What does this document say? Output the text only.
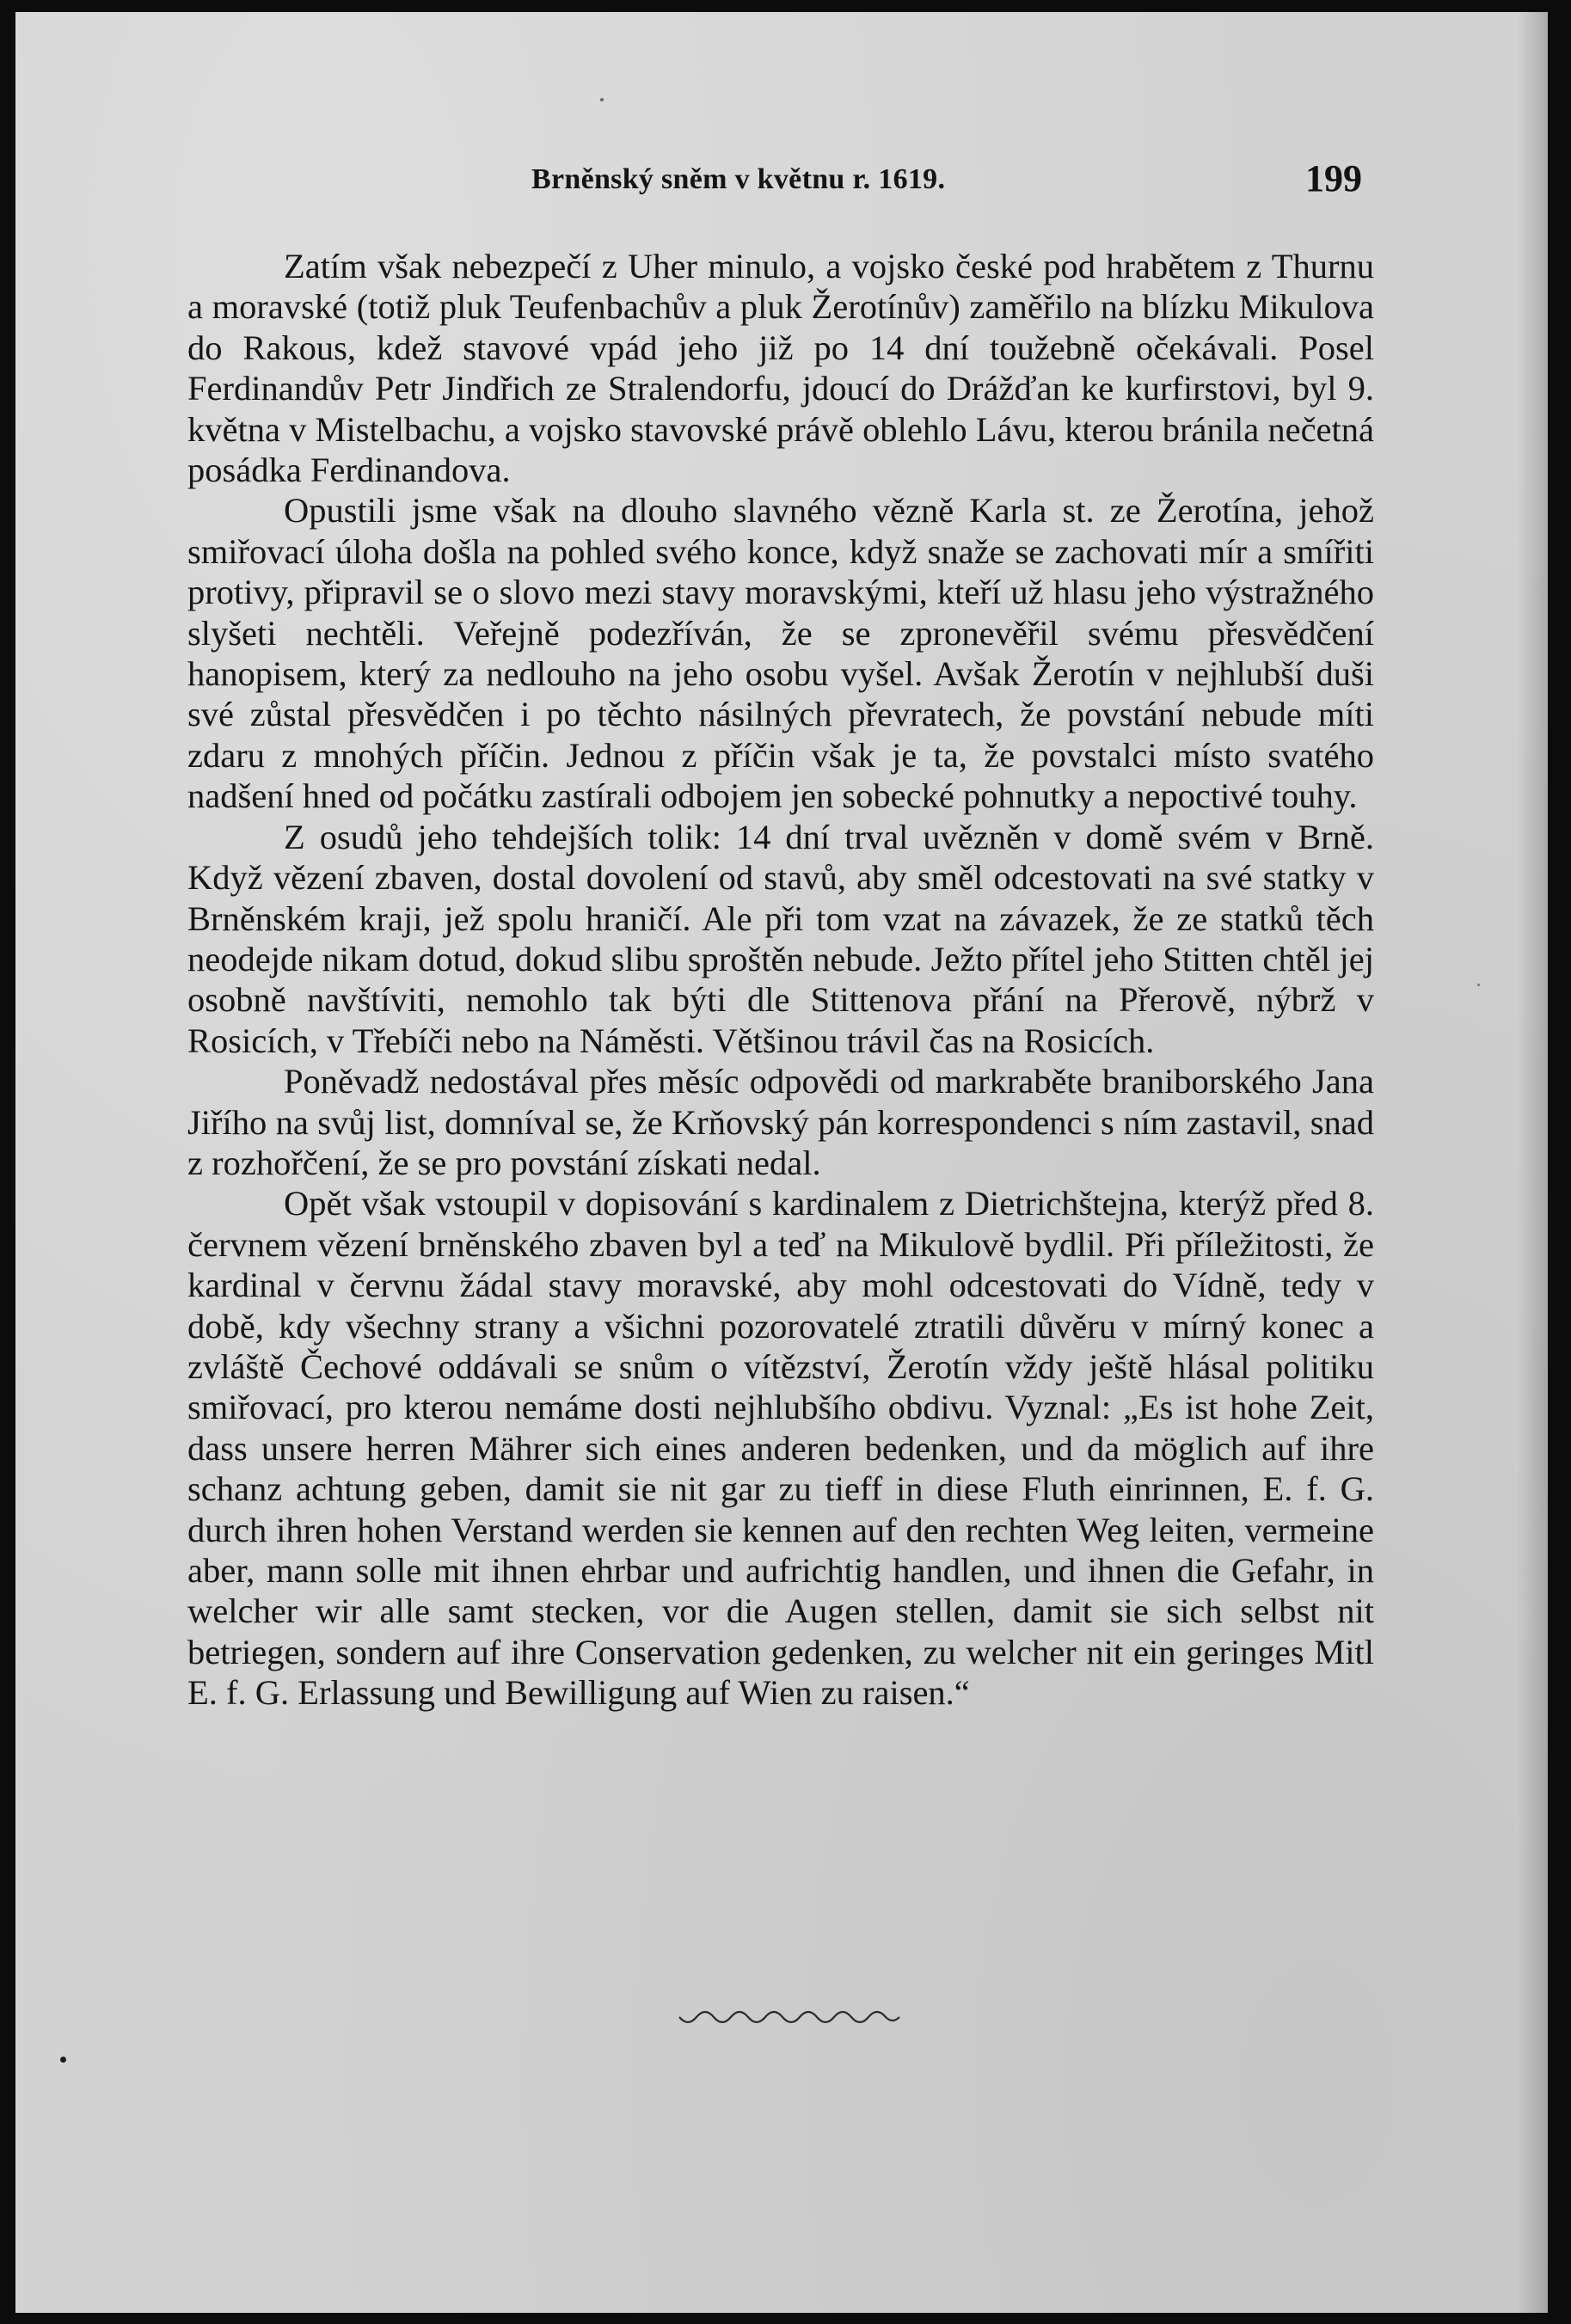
Brněnský sněm v květnu r. 1619.	199

Zatím však nebezpečí z Uher minulo, a vojsko české pod hrabětem z Thurnu a moravské (totiž pluk Teufenbachův a pluk Žerotínův) zaměřilo na blízku Mikulova do Rakous, kdež stavové vpád jeho již po 14 dní toužebně očekávali. Posel Ferdinandův Petr Jindřich ze Stralendorfu, jdoucí do Drážďan ke kurfirstovi, byl 9. května v Mistelbachu, a vojsko stavovské právě oblehlo Lávu, kterou bránila nečetná posádka Ferdinandova.

Opustili jsme však na dlouho slavného vězně Karla st. ze Žerotína, jehož smiřovací úloha došla na pohled svého konce, když snaže se zachovati mír a smířiti protivy, připravil se o slovo mezi stavy moravskými, kteří už hlasu jeho výstražného slyšeti nechtěli. Veřejně podezříván, že se zpronevěřil svému přesvědčení hanopisem, který za nedlouho na jeho osobu vyšel. Avšak Žerotín v nejhlubší duši své zůstal přesvědčen i po těchto násilných převratech, že povstání nebude míti zdaru z mnohých příčin. Jednou z příčin však je ta, že povstalci místo svatého nadšení hned od počátku zastírali odbojem jen sobecké pohnutky a nepoctivé touhy.

Z osudů jeho tehdejších tolik: 14 dní trval uvězněn v domě svém v Brně. Když vězení zbaven, dostal dovolení od stavů, aby směl odcestovati na své statky v Brněnském kraji, jež spolu hraničí. Ale při tom vzat na závazek, že ze statků těch neodejde nikam dotud, dokud slibu sproštěn nebude. Ježto přítel jeho Stitten chtěl jej osobně navštíviti, nemohlo tak býti dle Stittenova přání na Přerově, nýbrž v Rosicích, v Třebíči nebo na Náměsti. Většinou trávil čas na Rosicích.

Poněvadž nedostával přes měsíc odpovědi od markraběte braniborského Jana Jiřího na svůj list, domníval se, že Krňovský pán korrespondenci s ním zastavil, snad z rozhořčení, že se pro povstání získati nedal.

Opět však vstoupil v dopisování s kardinalem z Dietrichštejna, kterýž před 8. červnem vězení brněnského zbaven byl a teď na Mikulově bydlil. Při příležitosti, že kardinal v červnu žádal stavy moravské, aby mohl odcestovati do Vídně, tedy v době, kdy všechny strany a všichni pozorovatelé ztratili důvěru v mírný konec a zvláště Čechové oddávali se snům o vítězství, Žerotín vždy ještě hlásal politiku smiřovací, pro kterou nemáme dosti nejhlubšího obdivu. Vyznal: „Es ist hohe Zeit, dass unsere herren Mährer sich eines anderen bedenken, und da möglich auf ihre schanz achtung geben, damit sie nit gar zu tieff in diese Fluth einrinnen, E. f. G. durch ihren hohen Verstand werden sie kennen auf den rechten Weg leiten, vermeine aber, mann solle mit ihnen ehrbar und aufrichtig handlen, und ihnen die Gefahr, in welcher wir alle samt stecken, vor die Augen stellen, damit sie sich selbst nit betriegen, sondern auf ihre Conservation gedenken, zu welcher nit ein geringes Mitl E. f. G. Erlassung und Bewilligung auf Wien zu raisen.“
